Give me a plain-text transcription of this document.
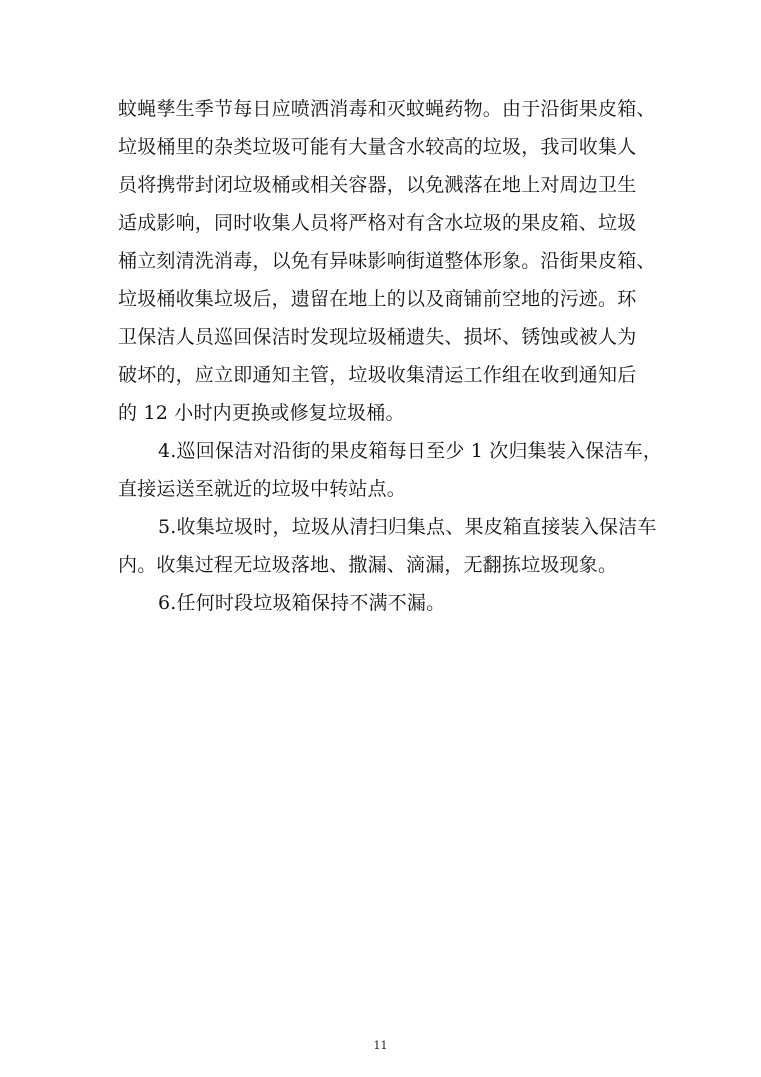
蚊蝇孳生季节每日应喷洒消毒和灭蚊蝇药物。由于沿街果皮箱、
垃圾桶里的杂类垃圾可能有大量含水较高的垃圾，我司收集人
员将携带封闭垃圾桶或相关容器，以免溅落在地上对周边卫生
适成影响，同时收集人员将严格对有含水垃圾的果皮箱、垃圾
桶立刻清洗消毒，以免有异味影响街道整体形象。沿街果皮箱、
垃圾桶收集垃圾后，遗留在地上的以及商铺前空地的污迹。环
卫保洁人员巡回保洁时发现垃圾桶遗失、损坏、锈蚀或被人为
破坏的，应立即通知主管，垃圾收集清运工作组在收到通知后
的 12 小时内更换或修复垃圾桶。
4.巡回保洁对沿街的果皮箱每日至少 1 次归集装入保洁车，
直接运送至就近的垃圾中转站点。
5.收集垃圾时，垃圾从清扫归集点、果皮箱直接装入保洁车
内。收集过程无垃圾落地、撒漏、滴漏，无翻拣垃圾现象。
6.任何时段垃圾箱保持不满不漏。
11
